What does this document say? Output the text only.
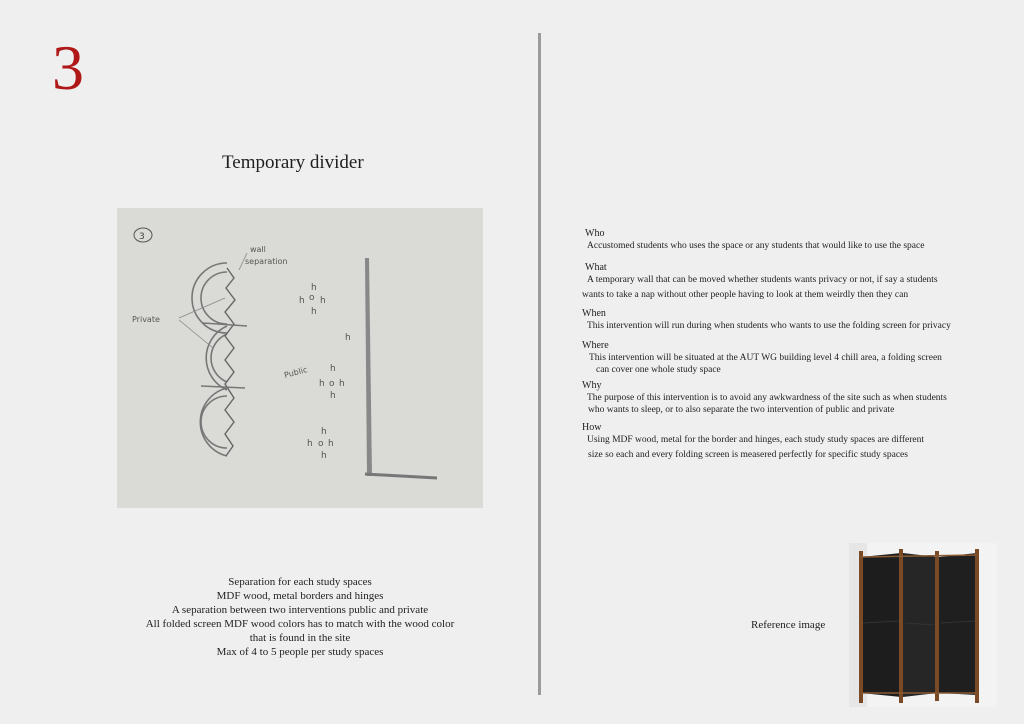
3
Temporary divider
3
wall
separation
Private
Public
h o h
h
h
h
h o h
h
h
h o h
h
h
Separation for each study spaces
MDF wood, metal borders and hinges
A separation between two interventions public and private
All folded screen MDF wood colors has to match with the wood color
that is found in the site
Max of 4 to 5 people per study spaces
Who
Accustomed students who uses the space or any students that would like to use the space
What
A temporary wall that can be moved whether students wants privacy or not, if say a students
wants to take a nap without other people having to look at them weirdly then they can
When
This intervention will run during when students who wants to use the folding screen for privacy
Where
This intervention will be situated at the AUT WG building level 4 chill area, a folding screen
can cover one whole study space
Why
The purpose of this intervention is to avoid any awkwardness of the site such as when students
who wants to sleep, or to also separate the two intervention of public and private
How
Using MDF wood, metal for the border and hinges, each study study spaces are different
size so each and every folding screen is measered perfectly for specific study spaces
Reference image
